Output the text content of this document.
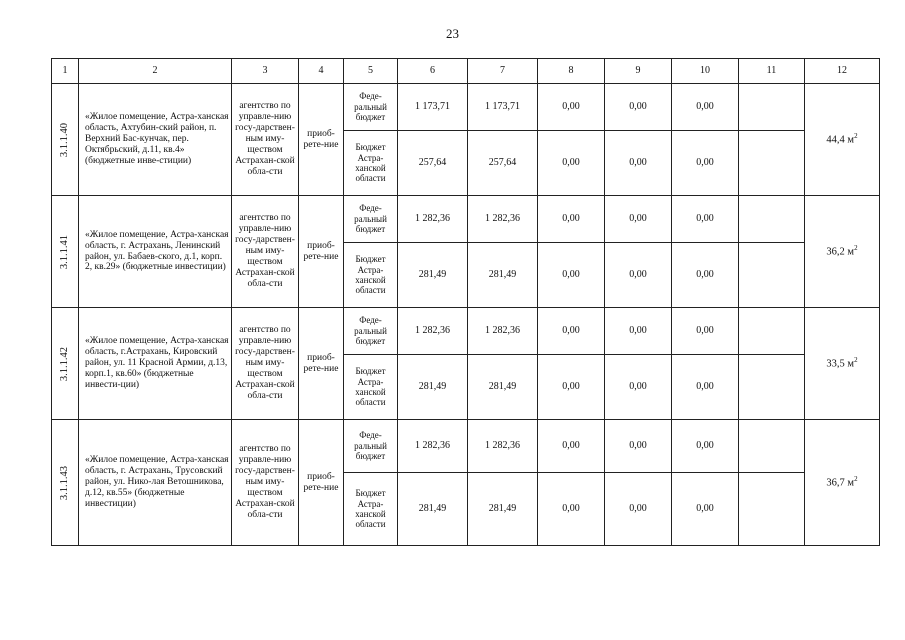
23
1	2	3	4	5	6	7	8	9	10	11	12

3.1.1.40	«Жилое помещение, Астра-ханская область, Ахтубин-ский район, п. Верхний Бас-кунчак, пер. Октябрьский, д.11, кв.4» (бюджетные инве-стиции)	агентство по управле-нию госу-дарствен-ным иму-ществом Астрахан-ской обла-сти	приоб-рете-ние	Феде-ральный бюджет	1 173,71	1 173,71	0,00	0,00	0,00		44,4 $м^2$
				Бюджет Астра-ханской области	257,64	257,64	0,00	0,00	0,00		

3.1.1.41	«Жилое помещение, Астра-ханская область, г. Астрахань, Ленинский район, ул. Бабаев-ского, д.1, корп. 2, кв.29» (бюджетные инвестиции)	агентство по управле-нию госу-дарствен-ным иму-ществом Астрахан-ской обла-сти	приоб-рете-ние	Феде-ральный бюджет	1 282,36	1 282,36	0,00	0,00	0,00		36,2 $м^2$
				Бюджет Астра-ханской области	281,49	281,49	0,00	0,00	0,00		

3.1.1.42	«Жилое помещение, Астра-ханская область, г.Астрахань, Кировский район, ул. 11 Красной Армии, д.13, корп.1, кв.60» (бюджетные инвести-ции)	агентство по управле-нию госу-дарствен-ным иму-ществом Астрахан-ской обла-сти	приоб-рете-ние	Феде-ральный бюджет	1 282,36	1 282,36	0,00	0,00	0,00		33,5 $м^2$
				Бюджет Астра-ханской области	281,49	281,49	0,00	0,00	0,00		

3.1.1.43	«Жилое помещение, Астра-ханская область, г. Астрахань, Трусовский район, ул. Нико-лая Ветошникова, д.12, кв.55» (бюджетные инвестиции)	агентство по управле-нию госу-дарствен-ным иму-ществом Астрахан-ской обла-сти	приоб-рете-ние	Феде-ральный бюджет	1 282,36	1 282,36	0,00	0,00	0,00		36,7 $м^2$
				Бюджет Астра-ханской области	281,49	281,49	0,00	0,00	0,00		
